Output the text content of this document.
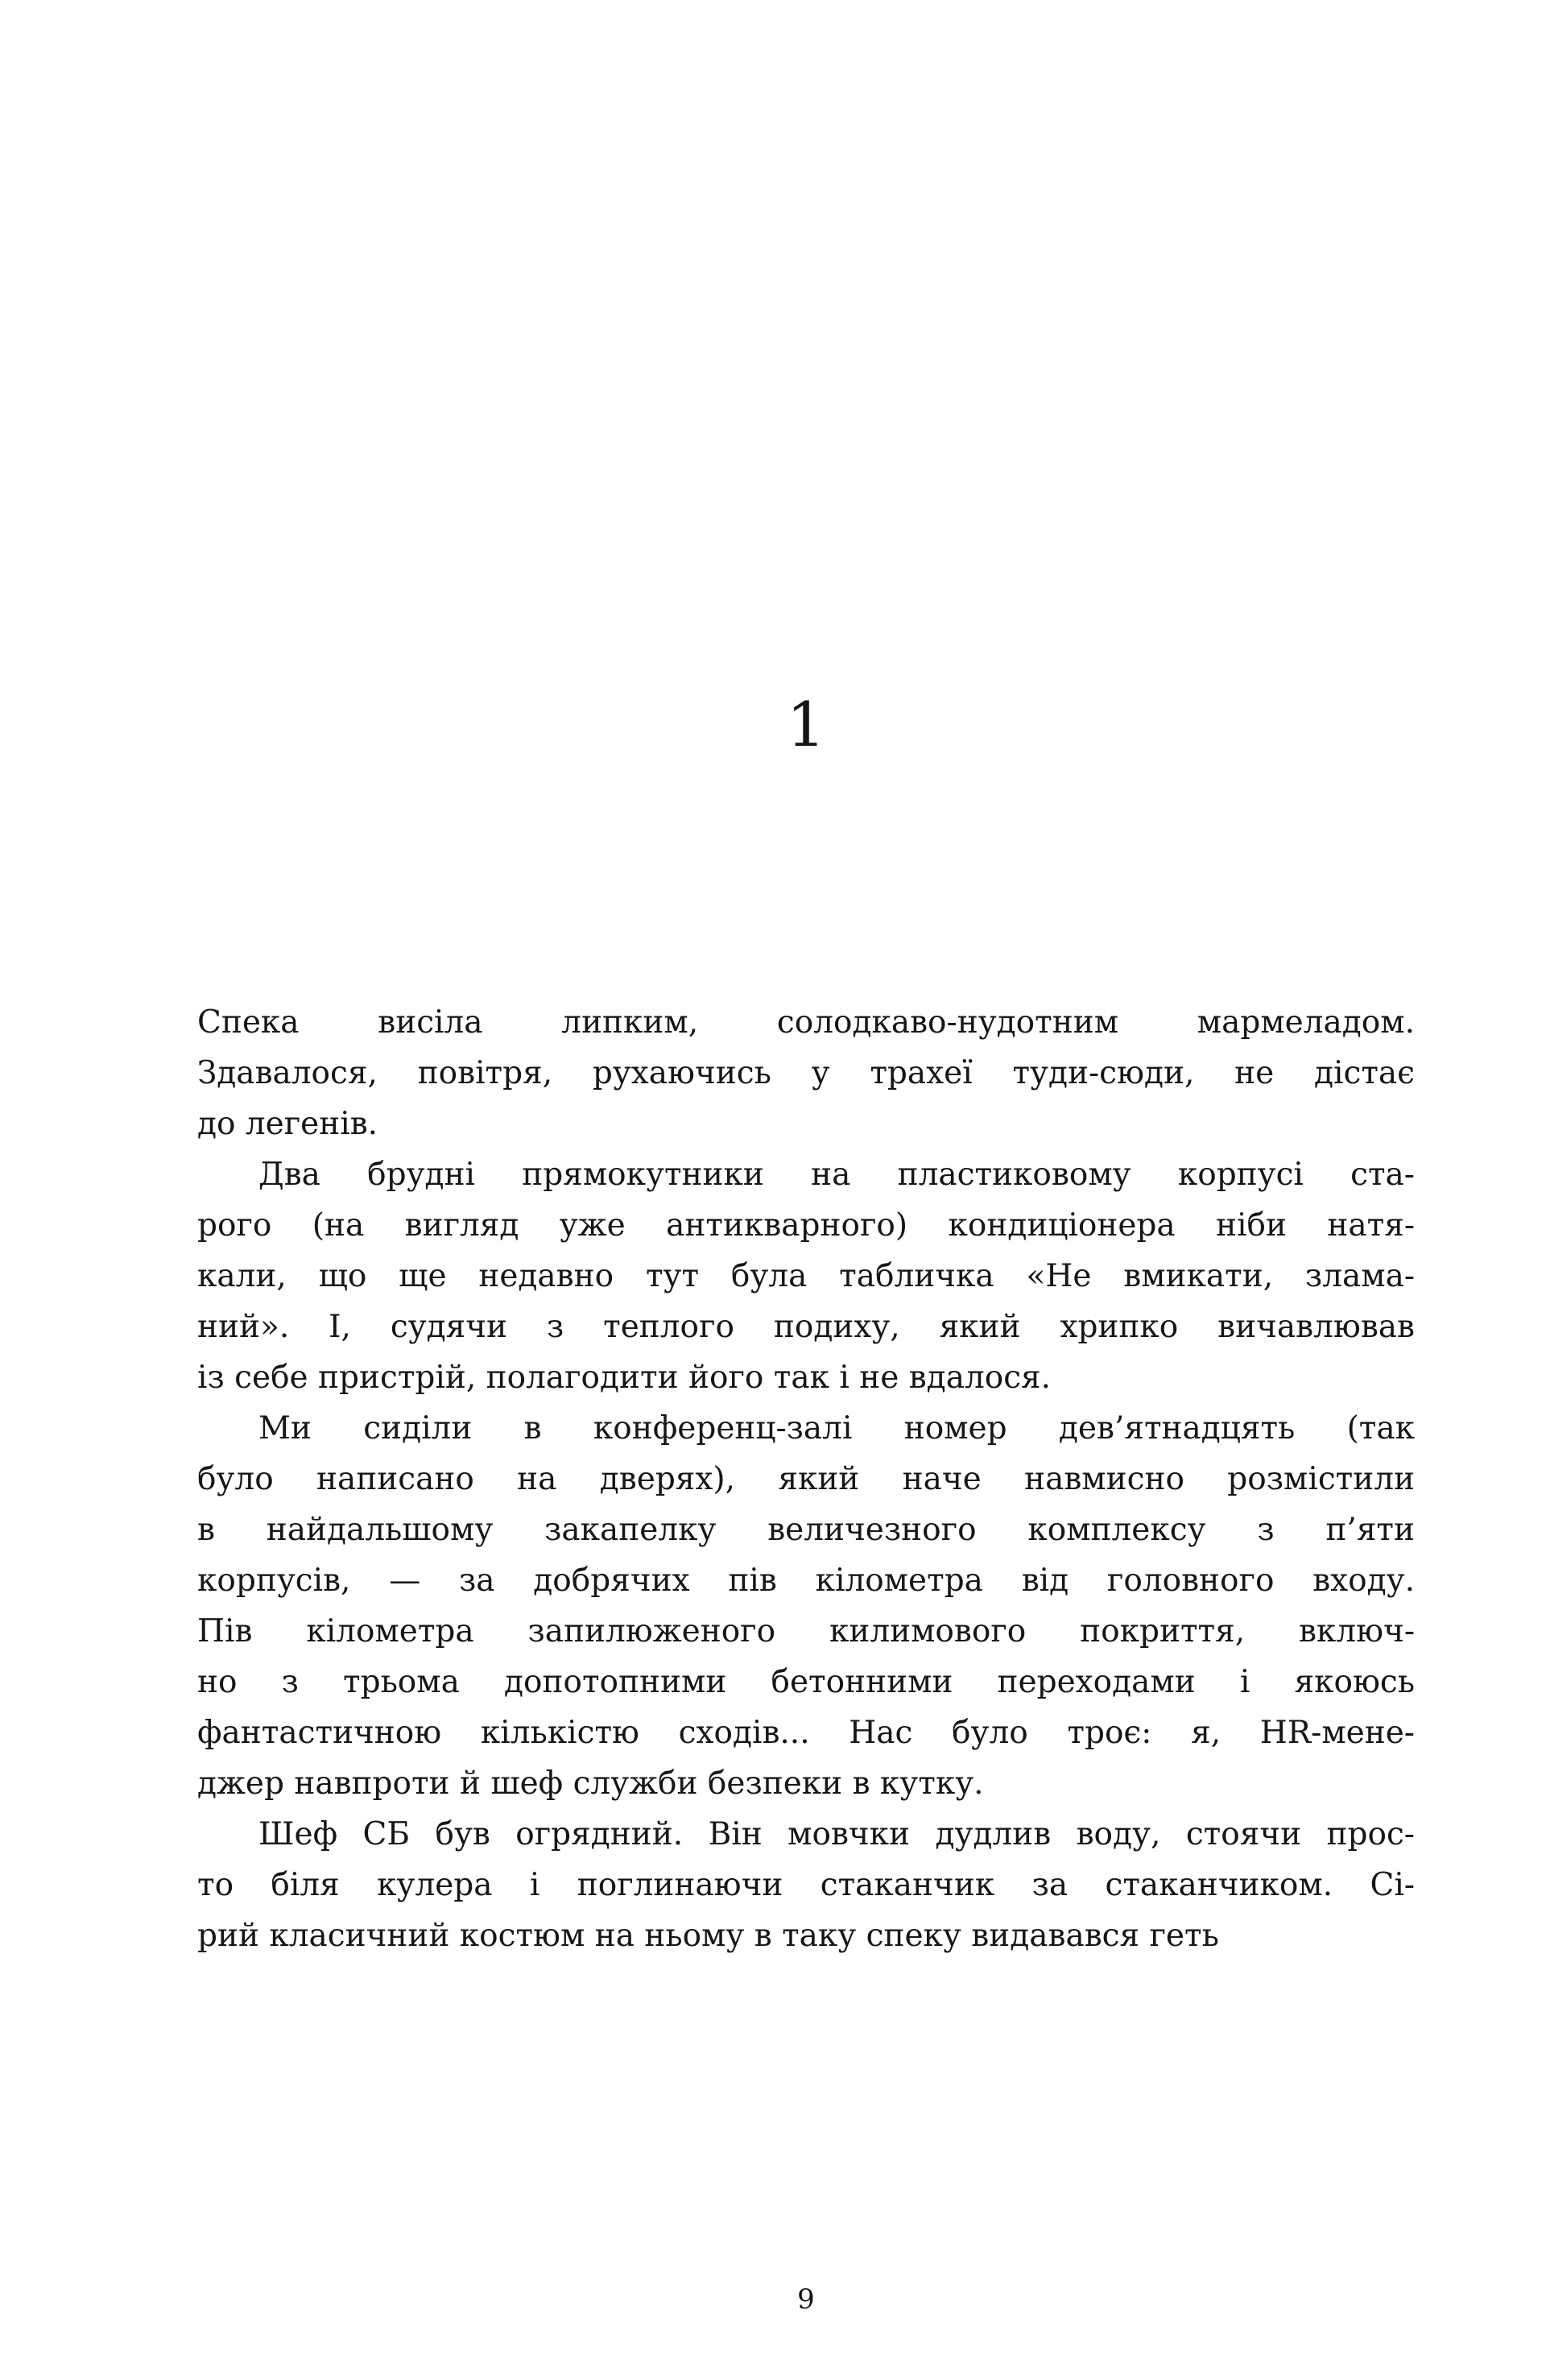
1
Спека висіла липким, солодкаво-нудотним мармеладом.
Здавалося, повітря, рухаючись у трахеї туди-сюди, не дістає
до легенів.
Два брудні прямокутники на пластиковому корпусі ста-
рого (на вигляд уже антикварного) кондиціонера ніби натя-
кали, що ще недавно тут була табличка «Не вмикати, злама-
ний». І, судячи з теплого подиху, який хрипко вичавлював
із себе пристрій, полагодити його так і не вдалося.
Ми сиділи в конференц-залі номер дев’ятнадцять (так
було написано на дверях), який наче навмисно розмістили
в найдальшому закапелку величезного комплексу з п’яти
корпусів, — за добрячих пів кілометра від головного входу.
Пів кілометра запилюженого килимового покриття, включ-
но з трьома допотопними бетонними переходами і якоюсь
фантастичною кількістю сходів... Нас було троє: я, HR-мене-
джер навпроти й шеф служби безпеки в кутку.
Шеф СБ був огрядний. Він мовчки дудлив воду, стоячи прос-
то біля кулера і поглинаючи стаканчик за стаканчиком. Сі-
рий класичний костюм на ньому в таку спеку видавався геть
9
